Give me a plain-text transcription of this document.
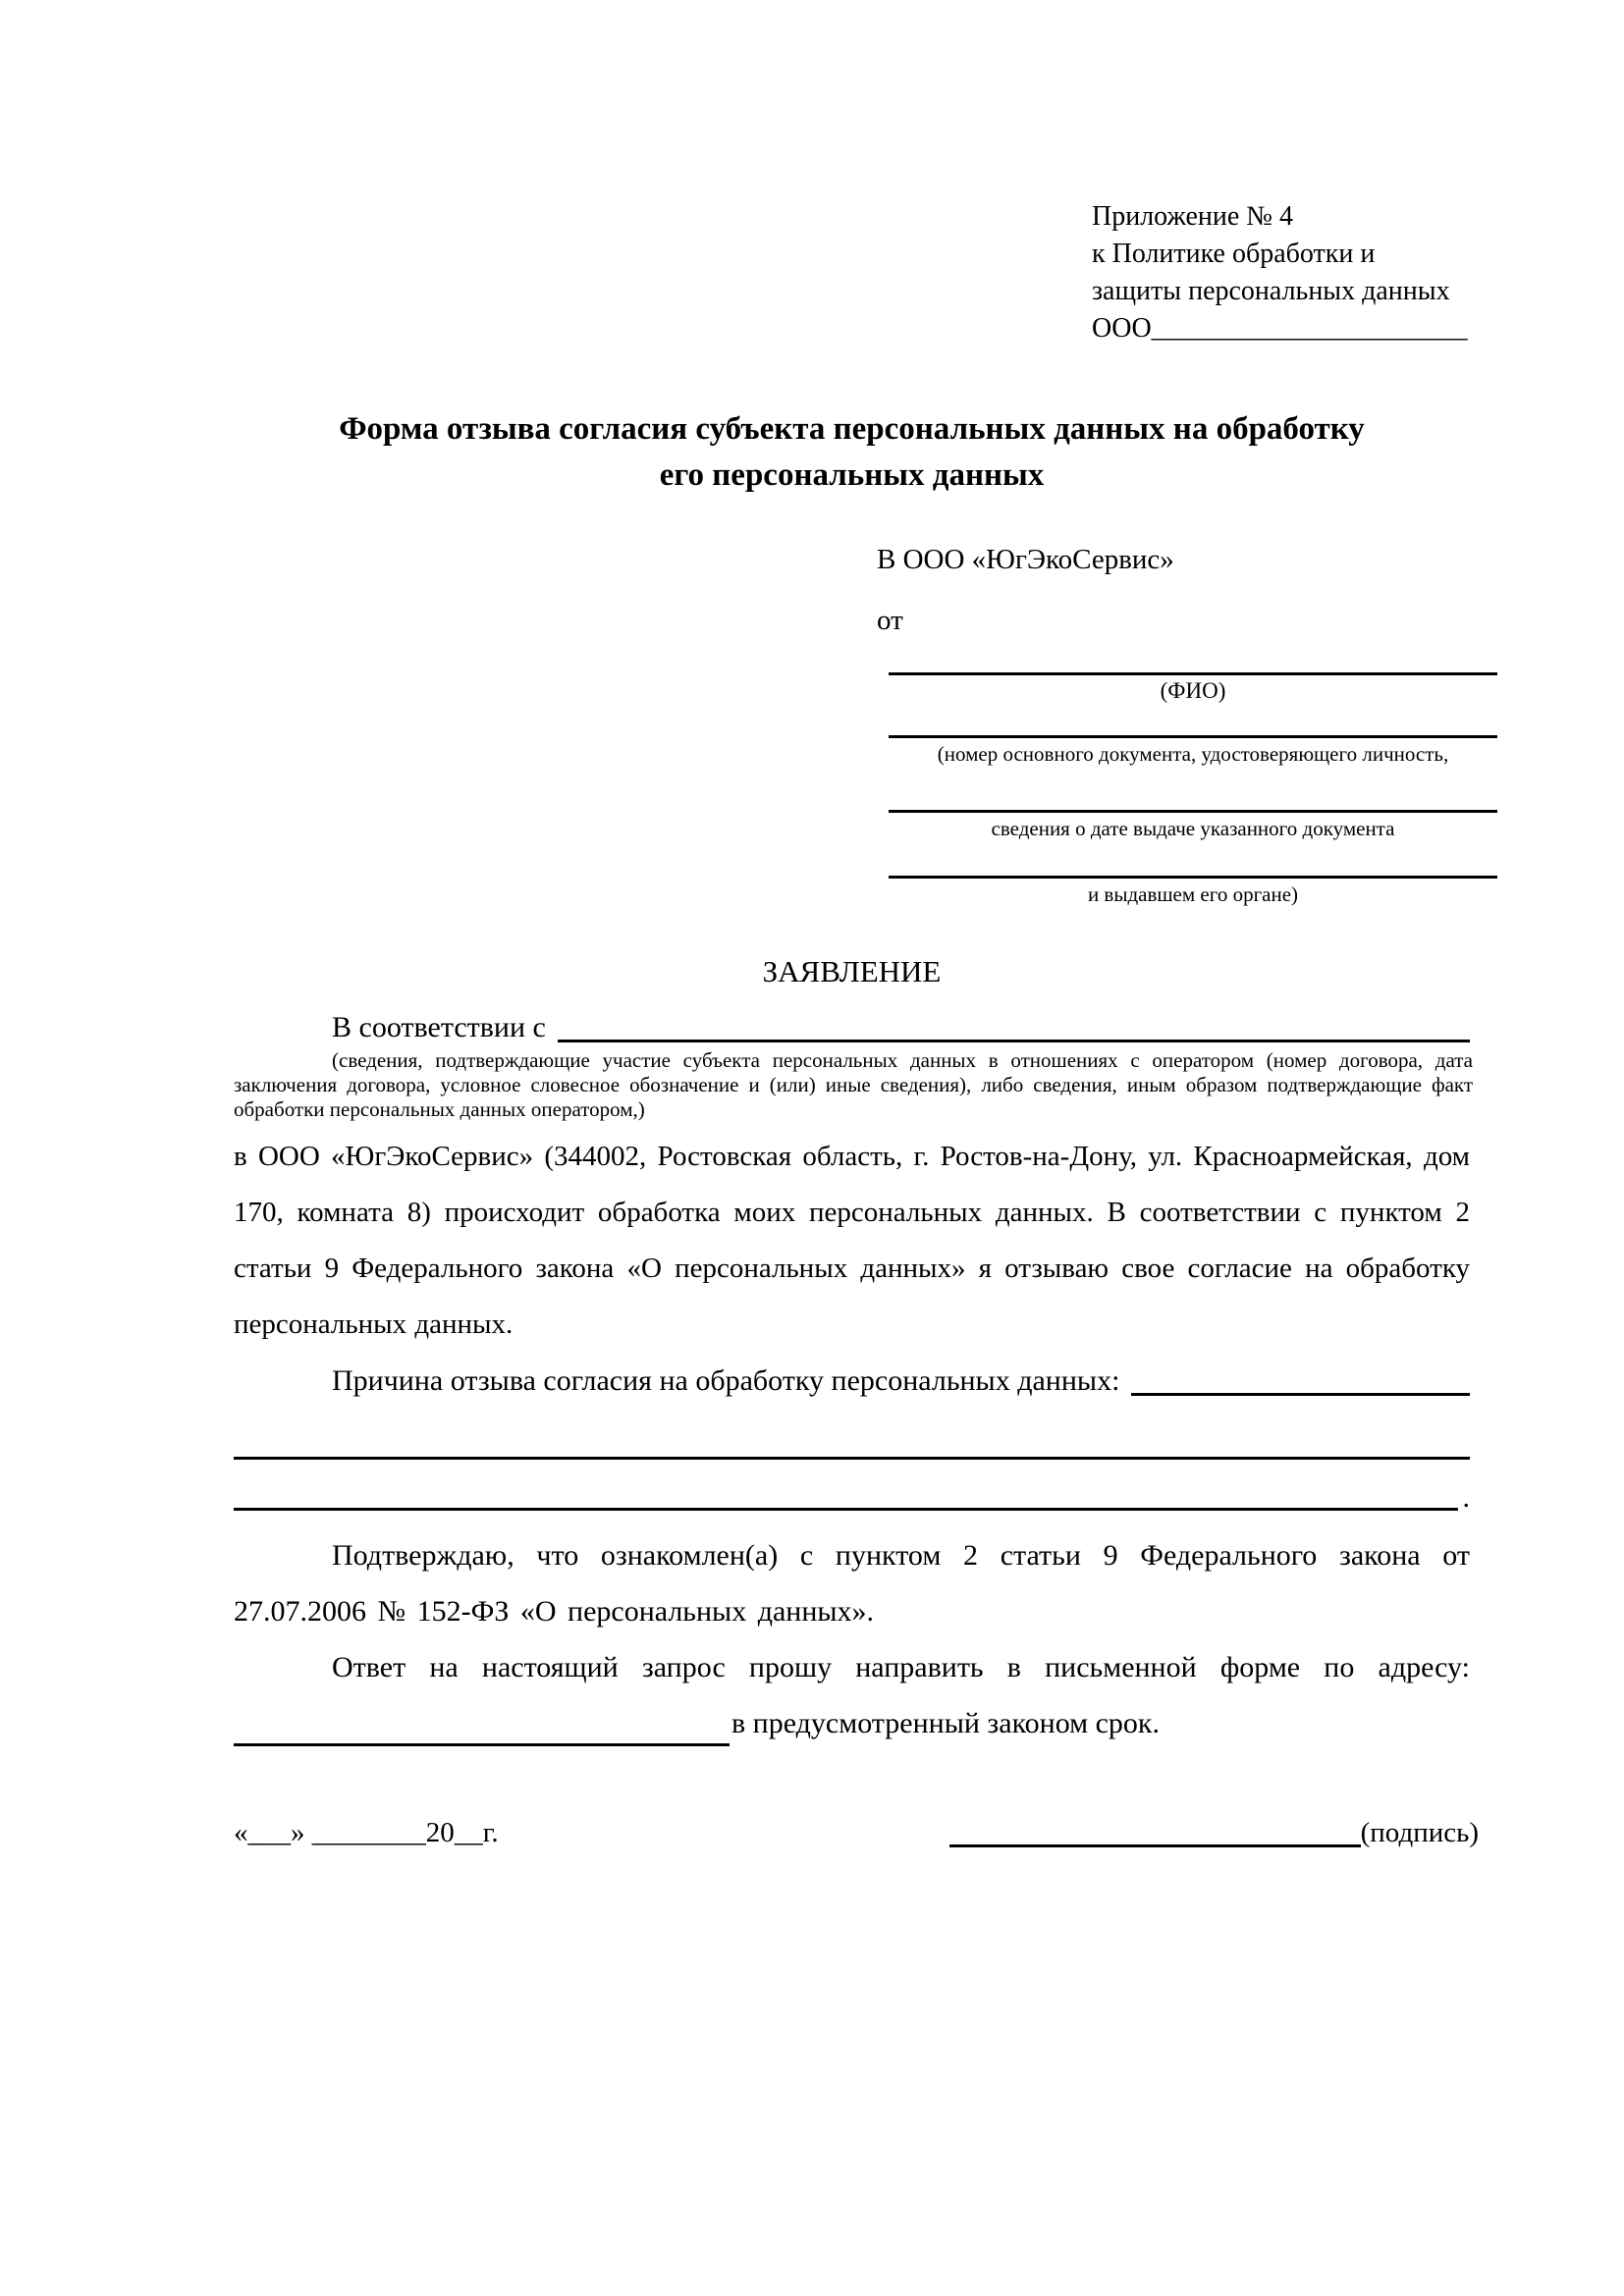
Приложение № 4
к Политике обработки и
защиты персональных данных
ООО_______________________
Форма отзыва согласия субъекта персональных данных на обработку
его персональных данных
В ООО «ЮгЭкоСервис»
от
(ФИО)
(номер основного документа, удостоверяющего личность,
сведения о дате выдаче указанного документа
и выдавшем его органе)
ЗАЯВЛЕНИЕ
В соответствии с
(сведения, подтверждающие участие субъекта персональных данных в отношениях с оператором (номер договора, дата заключения договора, условное словесное обозначение и (или) иные сведения), либо сведения, иным образом подтверждающие факт обработки персональных данных оператором,)
в ООО «ЮгЭкоСервис» (344002, Ростовская область, г. Ростов-на-Дону, ул. Красноармейская, дом 170, комната 8) происходит обработка моих персональных данных. В соответствии с пунктом 2 статьи 9 Федерального закона «О персональных данных» я отзываю свое согласие на обработку персональных данных.
Причина отзыва согласия на обработку персональных данных:
.
Подтверждаю, что ознакомлен(а) с пунктом 2 статьи 9 Федерального закона от 27.07.2006 № 152-ФЗ «О персональных данных».
Ответ на настоящий запрос прошу направить в письменной форме по адресу:
в предусмотренный законом срок.
«___» ________20__г.	(подпись)
